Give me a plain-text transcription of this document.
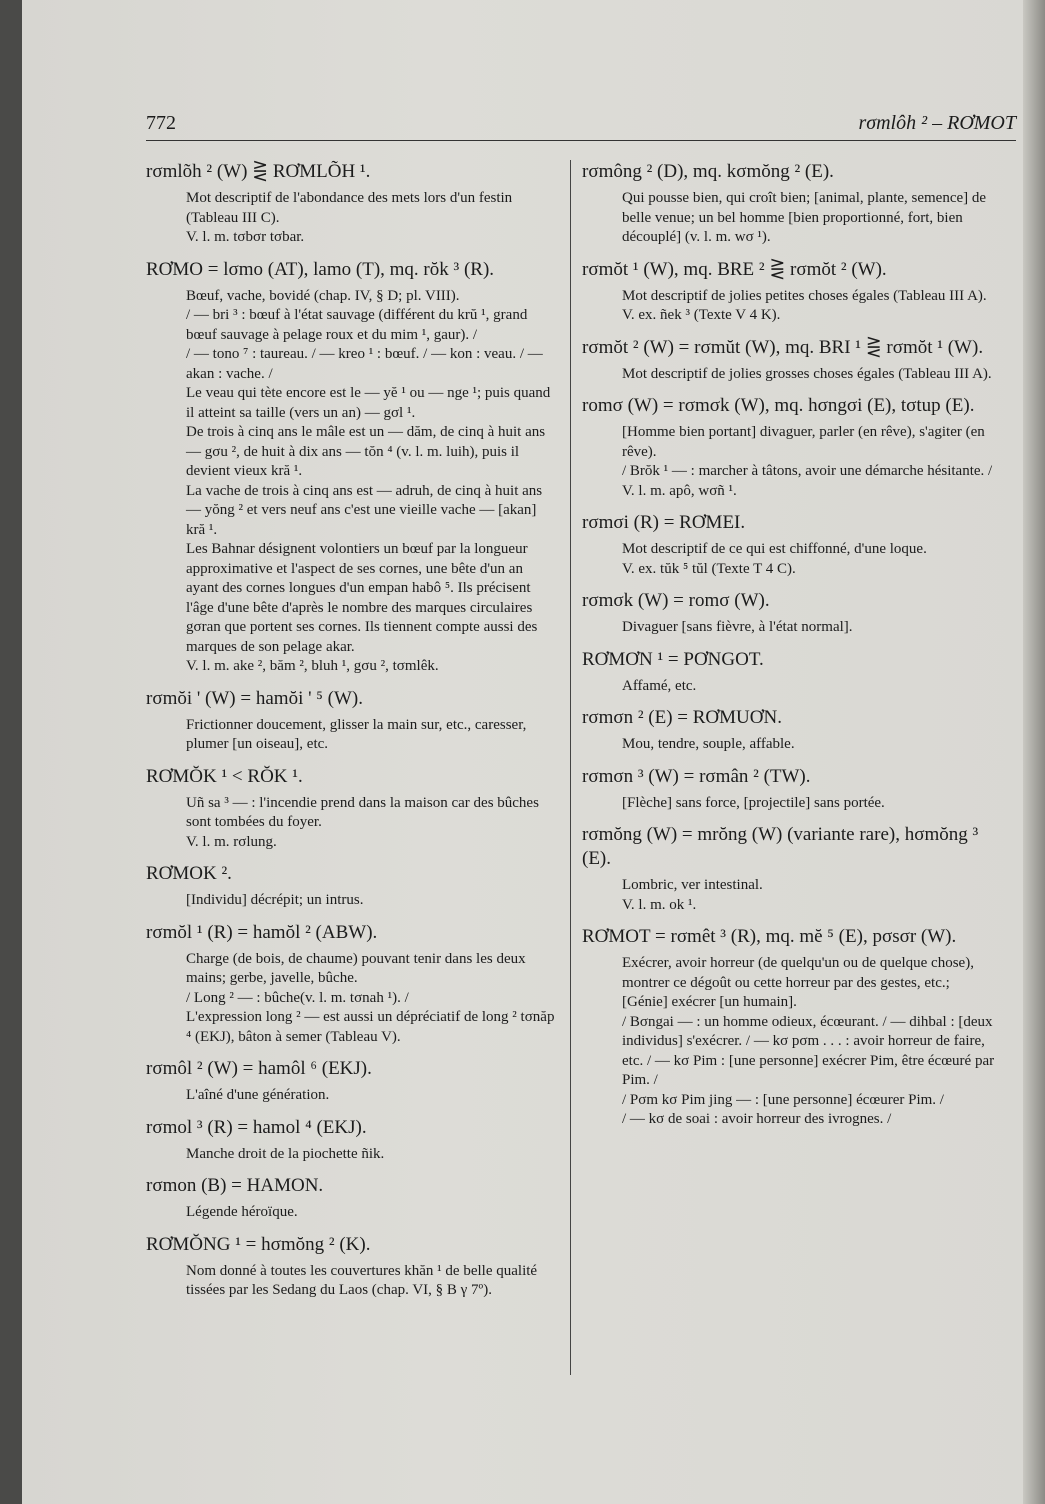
772	rσmlôh ² – RƠMOT
rσmlõh ² (W) ⋛ RƠMLÕH ¹.

Mot descriptif de l'abondance des mets lors d'un festin (Tableau III C).

V. l. m. tσbσr tσbar.

RƠMO = lσmo (AT), lamo (T), mq. rŏk ³ (R).

Bœuf, vache, bovidé (chap. IV, § D; pl. VIII).

/ — bri ³ : bœuf à l'état sauvage (différent du krŭ ¹, grand bœuf sauvage à pelage roux et du mim ¹, gaur). /

/ — tono ⁷ : taureau. / — kreo ¹ : bœuf. / — kon : veau. / — akan : vache. /

Le veau qui tète encore est le — yĕ ¹ ou — nge ¹; puis quand il atteint sa taille (vers un an) — gσl ¹.

De trois à cinq ans le mâle est un — dăm, de cinq à huit ans — gσu ², de huit à dix ans — tŏn ⁴ (v. l. m. luih), puis il devient vieux kră ¹.

La vache de trois à cinq ans est — adruh, de cinq à huit ans — yŏng ² et vers neuf ans c'est une vieille vache — [akan] kră ¹.

Les Bahnar désignent volontiers un bœuf par la longueur approximative et l'aspect de ses cornes, une bête d'un an ayant des cornes longues d'un empan habô ⁵. Ils précisent l'âge d'une bête d'après le nombre des marques circulaires gσran que portent ses cornes. Ils tiennent compte aussi des marques de son pelage akar.

V. l. m. ake ², băm ², bluh ¹, gσu ², tσmlêk.

rσmŏi ' (W) = hamŏi ' ⁵ (W).

Frictionner doucement, glisser la main sur, etc., caresser, plumer [un oiseau], etc.

RƠMŎK ¹ < RŎK ¹.

Uñ sa ³ — : l'incendie prend dans la maison car des bûches sont tombées du foyer.

V. l. m. rσlung.

RƠMOK ².

[Individu] décrépit; un intrus.

rσmŏl ¹ (R) = hamŏl ² (ABW).

Charge (de bois, de chaume) pouvant tenir dans les deux mains; gerbe, javelle, bûche.

/ Long ² — : bûche(v. l. m. tσnah ¹). /

L'expression long ² — est aussi un dépréciatif de long ² tσnăp ⁴ (EKJ), bâton à semer (Tableau V).

rσmôl ² (W) = hamôl ⁶ (EKJ).

L'aîné d'une génération.

rσmol ³ (R) = hamol ⁴ (EKJ).

Manche droit de la piochette ñik.

rσmon (B) = HAMON.

Légende héroïque.

RƠMŎNG ¹ = hσmŏng ² (K).

Nom donné à toutes les couvertures khăn ¹ de belle qualité tissées par les Sedang du Laos (chap. VI, § B γ 7º).

rσmông ² (D), mq. kσmŏng ² (E).

Qui pousse bien, qui croît bien; [animal, plante, semence] de belle venue; un bel homme [bien proportionné, fort, bien découplé] (v. l. m. wσ ¹).

rσmŏt ¹ (W), mq. BRE ² ⋛ rσmŏt ² (W).

Mot descriptif de jolies petites choses égales (Tableau III A).

V. ex. ñek ³ (Texte V 4 K).

rσmŏt ² (W) = rσmŭt (W), mq. BRI ¹ ⋛ rσmŏt ¹ (W).

Mot descriptif de jolies grosses choses égales (Tableau III A).

romσ (W) = rσmσk (W), mq. hσngσi (E), tσtup (E).

[Homme bien portant] divaguer, parler (en rêve), s'agiter (en rêve).

/ Brŏk ¹ — : marcher à tâtons, avoir une démarche hésitante. /

V. l. m. apô, wσñ ¹.

rσmσi (R) = RƠMEI.

Mot descriptif de ce qui est chiffonné, d'une loque.

V. ex. tŭk ⁵ tŭl (Texte T 4 C).

rσmσk (W) = romσ (W).

Divaguer [sans fièvre, à l'état normal].

RƠMƠN ¹ = PƠNGOT.

Affamé, etc.

rσmσn ² (E) = RƠMUƠN.

Mou, tendre, souple, affable.

rσmσn ³ (W) = rσmân ² (TW).

[Flèche] sans force, [projectile] sans portée.

rσmŏng (W) = mrŏng (W) (variante rare), hσmŏng ³ (E).

Lombric, ver intestinal.

V. l. m. ok ¹.

RƠMOT = rσmêt ³ (R), mq. mĕ ⁵ (E), pσsσr (W).

Exécrer, avoir horreur (de quelqu'un ou de quelque chose), montrer ce dégoût ou cette horreur par des gestes, etc.;

[Génie] exécrer [un humain].

/ Bσngai — : un homme odieux, écœurant. / — dihbal : [deux individus] s'exécrer. / — kσ pσm . . . : avoir horreur de faire, etc. / — kσ Pim : [une personne] exécrer Pim, être écœuré par Pim. /

/ Pσm kσ Pim jing — : [une personne] écœurer Pim. /

/ — kσ de soai : avoir horreur des ivrognes. /
